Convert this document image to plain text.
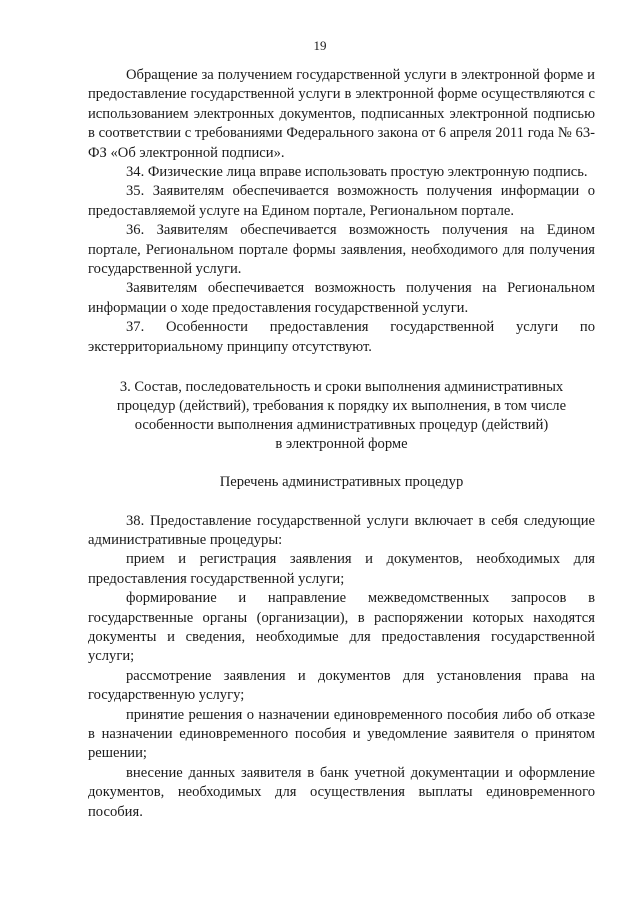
19

Обращение за получением государственной услуги в электронной форме и предоставление государственной услуги в электронной форме осуществляются с использованием электронных документов, подписанных электронной подписью в соответствии с требованиями Федерального закона от 6 апреля 2011 года № 63-ФЗ «Об электронной подписи».

34. Физические лица вправе использовать простую электронную подпись.

35. Заявителям обеспечивается возможность получения информации о предоставляемой услуге на Едином портале, Региональном портале.

36. Заявителям обеспечивается возможность получения на Едином портале, Региональном портале формы заявления, необходимого для получения государственной услуги.

Заявителям обеспечивается возможность получения на Региональном информации о ходе предоставления государственной услуги.

37. Особенности предоставления государственной услуги по экстерриториальному принципу отсутствуют.

3. Состав, последовательность и сроки выполнения административных
процедур (действий), требования к порядку их выполнения, в том числе
особенности выполнения административных процедур (действий)
в электронной форме

Перечень административных процедур

38. Предоставление государственной услуги включает в себя следующие административные процедуры:

прием и регистрация заявления и документов, необходимых для предоставления государственной услуги;

формирование и направление межведомственных запросов в государственные органы (организации), в распоряжении которых находятся документы и сведения, необходимые для предоставления государственной услуги;

рассмотрение заявления и документов для установления права на государственную услугу;

принятие решения о назначении единовременного пособия либо об отказе в назначении единовременного пособия и уведомление заявителя о принятом решении;

внесение данных заявителя в банк учетной документации и оформление документов, необходимых для осуществления выплаты единовременного пособия.
